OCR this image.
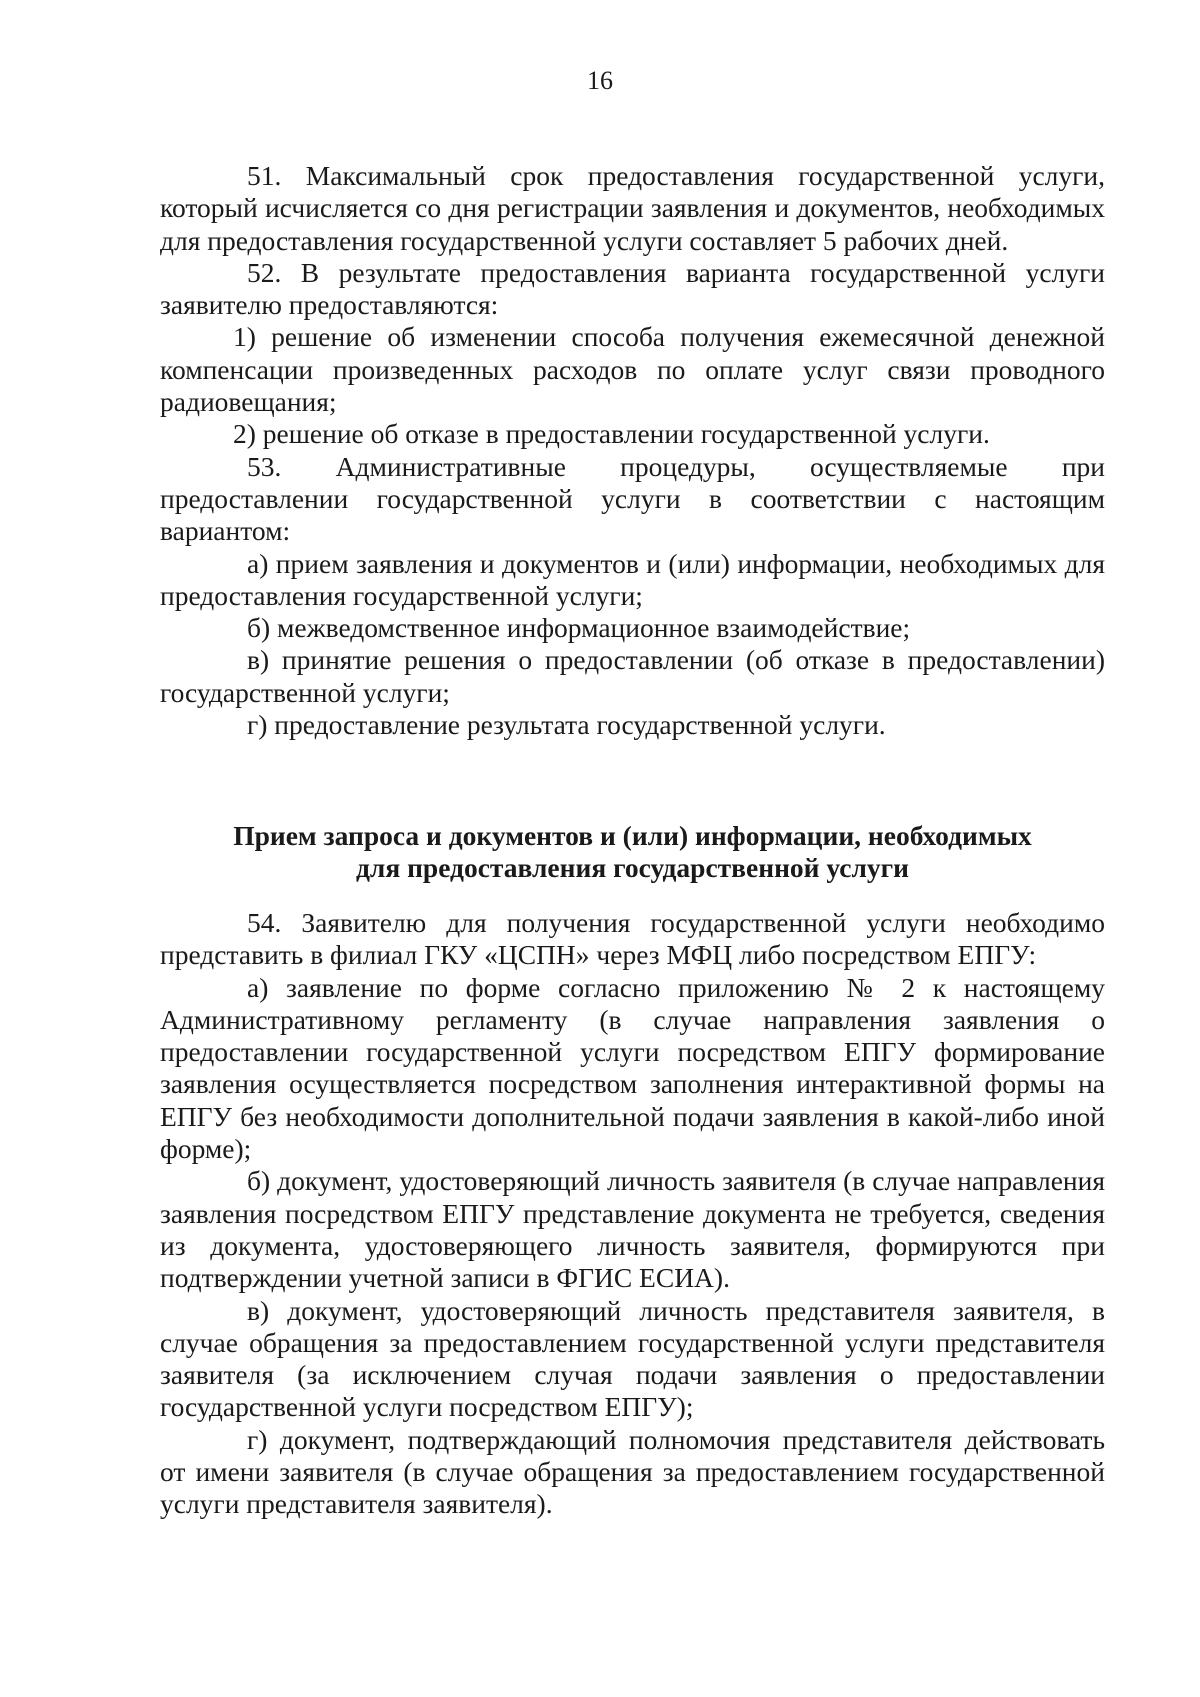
16

51. Максимальный срок предоставления государственной услуги, который исчисляется со дня регистрации заявления и документов, необходимых для предоставления государственной услуги составляет 5 рабочих дней.

52. В результате предоставления варианта государственной услуги заявителю предоставляются:

1) решение об изменении способа получения ежемесячной денежной компенсации произведенных расходов по оплате услуг связи проводного радиовещания;

2) решение об отказе в предоставлении государственной услуги.

53. Административные процедуры, осуществляемые при предоставлении государственной услуги в соответствии с настоящим вариантом:

а) прием заявления и документов и (или) информации, необходимых для предоставления государственной услуги;

б) межведомственное информационное взаимодействие;

в) принятие решения о предоставлении (об отказе в предоставлении) государственной услуги;

г) предоставление результата государственной услуги.

Прием запроса и документов и (или) информации, необходимых
для предоставления государственной услуги

54. Заявителю для получения государственной услуги необходимо представить в филиал ГКУ «ЦСПН» через МФЦ либо посредством ЕПГУ:

а) заявление по форме согласно приложению № 2 к настоящему Административному регламенту (в случае направления заявления о предоставлении государственной услуги посредством ЕПГУ формирование заявления осуществляется посредством заполнения интерактивной формы на ЕПГУ без необходимости дополнительной подачи заявления в какой-либо иной форме);

б) документ, удостоверяющий личность заявителя (в случае направления заявления посредством ЕПГУ представление документа не требуется, сведения из документа, удостоверяющего личность заявителя, формируются при подтверждении учетной записи в ФГИС ЕСИА).

в) документ, удостоверяющий личность представителя заявителя, в случае обращения за предоставлением государственной услуги представителя заявителя (за исключением случая подачи заявления о предоставлении государственной услуги посредством ЕПГУ);

г) документ, подтверждающий полномочия представителя действовать от имени заявителя (в случае обращения за предоставлением государственной услуги представителя заявителя).
